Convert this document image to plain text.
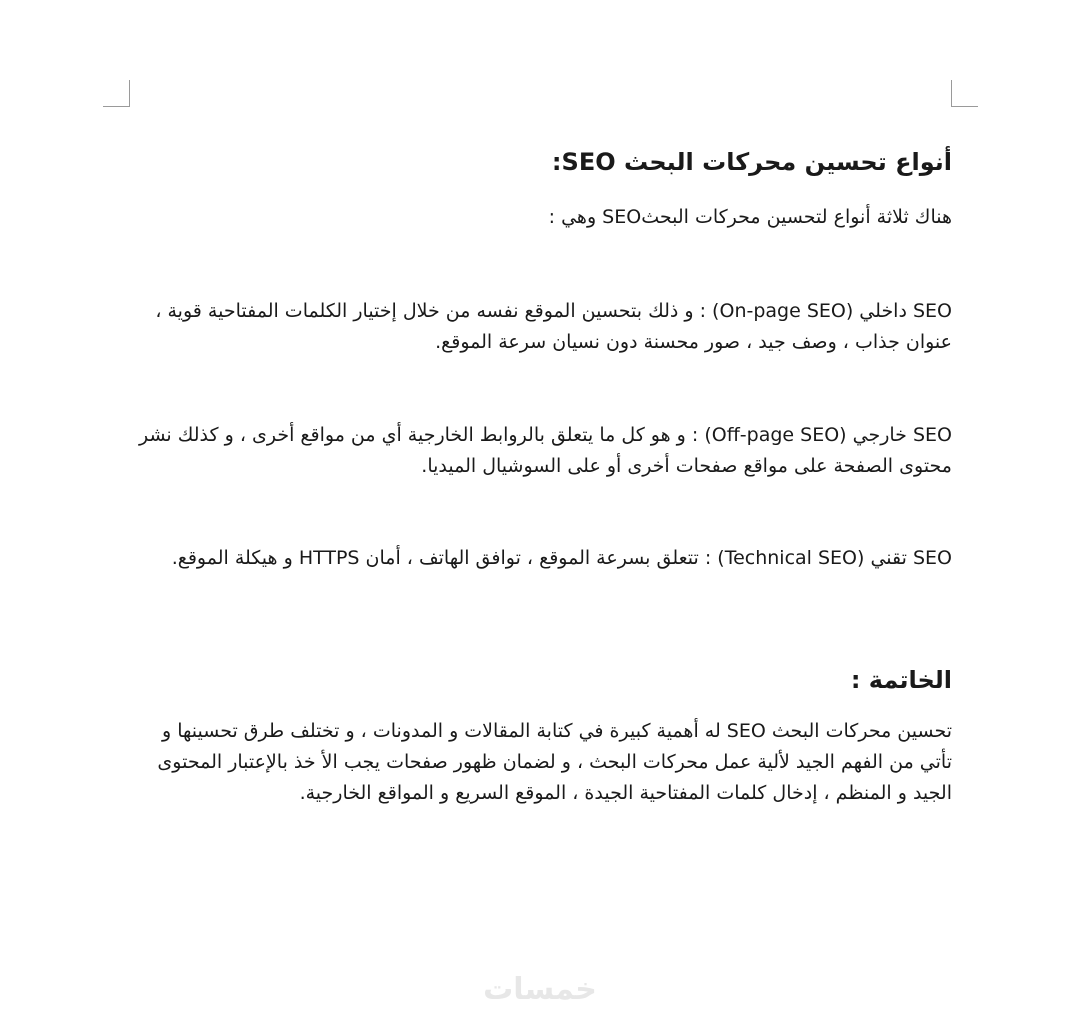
أنواع تحسين محركات البحث SEO:

هناك ثلاثة أنواع لتحسين محركات البحثSEO وهي :

SEO داخلي (On-page SEO) : و ذلك بتحسين الموقع نفسه من خلال إختيار الكلمات المفتاحية قوية ، عنوان جذاب ، وصف جيد ، صور محسنة دون نسيان سرعة الموقع.

SEO خارجي (Off-page SEO) : و هو كل ما يتعلق بالروابط الخارجية أي من مواقع أخرى ، و كذلك نشر محتوى الصفحة على مواقع صفحات أخرى أو على السوشيال الميديا.

SEO تقني (Technical SEO) : تتعلق بسرعة الموقع ، توافق الهاتف ، أمان HTTPS و هيكلة الموقع.

الخاتمة :

تحسين محركات البحث SEO له أهمية كبيرة في كتابة المقالات و المدونات ، و تختلف طرق تحسينها و تأتي من الفهم الجيد لألية عمل محركات البحث ، و لضمان ظهور صفحات يجب الأ خذ بالإعتبار المحتوى الجيد و المنظم ، إدخال كلمات المفتاحية الجيدة ، الموقع السريع و المواقع الخارجية.

خمسات
